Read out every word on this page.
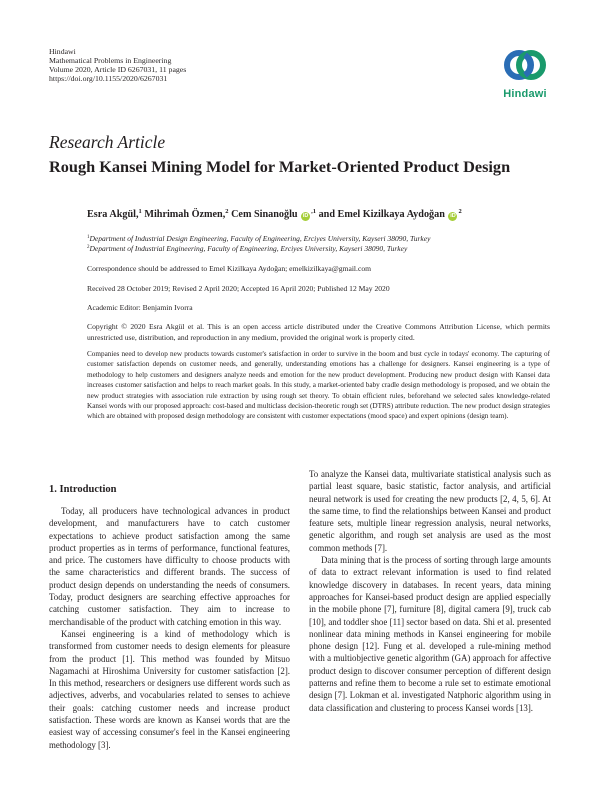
Hindawi
Mathematical Problems in Engineering
Volume 2020, Article ID 6267031, 11 pages
https://doi.org/10.1155/2020/6267031
Hindawi
Research Article
Rough Kansei Mining Model for Market-Oriented Product Design
Esra Akgül,$^1$ Mihrimah Özmen,$^2$ Cem Sinanoğlu $iD^{,1}$ and Emel Kizilkaya Aydoğan $iD^2$
$^1$Department of Industrial Design Engineering, Faculty of Engineering, Erciyes University, Kayseri 38090, Turkey
$^2$Department of Industrial Engineering, Faculty of Engineering, Erciyes University, Kayseri 38090, Turkey
Correspondence should be addressed to Emel Kizilkaya Aydoğan; emelkizilkaya@gmail.com
Received 28 October 2019; Revised 2 April 2020; Accepted 16 April 2020; Published 12 May 2020
Academic Editor: Benjamin Ivorra
Copyright © 2020 Esra Akgül et al. This is an open access article distributed under the Creative Commons Attribution License, which permits unrestricted use, distribution, and reproduction in any medium, provided the original work is properly cited.
Companies need to develop new products towards customer's satisfaction in order to survive in the boom and bust cycle in todays' economy. The capturing of customer satisfaction depends on customer needs, and generally, understanding emotions has a challenge for designers. Kansei engineering is a type of methodology to help customers and designers analyze needs and emotion for the new product development. Producing new product design with Kansei data increases customer satisfaction and helps to reach market goals. In this study, a market-oriented baby cradle design methodology is proposed, and we obtain the new product strategies with association rule extraction by using rough set theory. To obtain efficient rules, beforehand we selected sales knowledge-related Kansei words with our proposed approach: cost-based and multiclass decision-theoretic rough set (DTRS) attribute reduction. The new product design strategies which are obtained with proposed design methodology are consistent with customer expectations (mood space) and expert opinions (design team).
1. Introduction

Today, all producers have technological advances in product development, and manufacturers have to catch customer expectations to achieve product satisfaction among the same product properties as in terms of performance, functional features, and price. The customers have difficulty to choose products with the same characteristics and different brands. The success of product design depends on understanding the needs of consumers. Today, product designers are searching effective approaches for catching customer satisfaction. They aim to increase to merchandisable of the product with catching emotion in this way.

Kansei engineering is a kind of methodology which is transformed from customer needs to design elements for pleasure from the product [1]. This method was founded by Mitsuo Nagamachi at Hiroshima University for customer satisfaction [2]. In this method, researchers or designers use different words such as adjectives, adverbs, and vocabularies related to senses to achieve their goals: catching customer needs and increase product satisfaction. These words are known as Kansei words that are the easiest way of accessing consumer's feel in the Kansei engineering methodology [3].

To analyze the Kansei data, multivariate statistical analysis such as partial least square, basic statistic, factor analysis, and artificial neural network is used for creating the new products [2, 4, 5, 6]. At the same time, to find the relationships between Kansei and product feature sets, multiple linear regression analysis, neural networks, genetic algorithm, and rough set analysis are used as the most common methods [7].

Data mining that is the process of sorting through large amounts of data to extract relevant information is used to find related knowledge discovery in databases. In recent years, data mining approaches for Kansei-based product design are applied especially in the mobile phone [7], furniture [8], digital camera [9], truck cab [10], and toddler shoe [11] sector based on data. Shi et al. presented nonlinear data mining methods in Kansei engineering for mobile phone design [12]. Fung et al. developed a rule-mining method with a multiobjective genetic algorithm (GA) approach for affective product design to discover consumer perception of different design patterns and refine them to become a rule set to estimate emotional design [7]. Lokman et al. investigated Natphoric algorithm using in data classification and clustering to process Kansei words [13].
